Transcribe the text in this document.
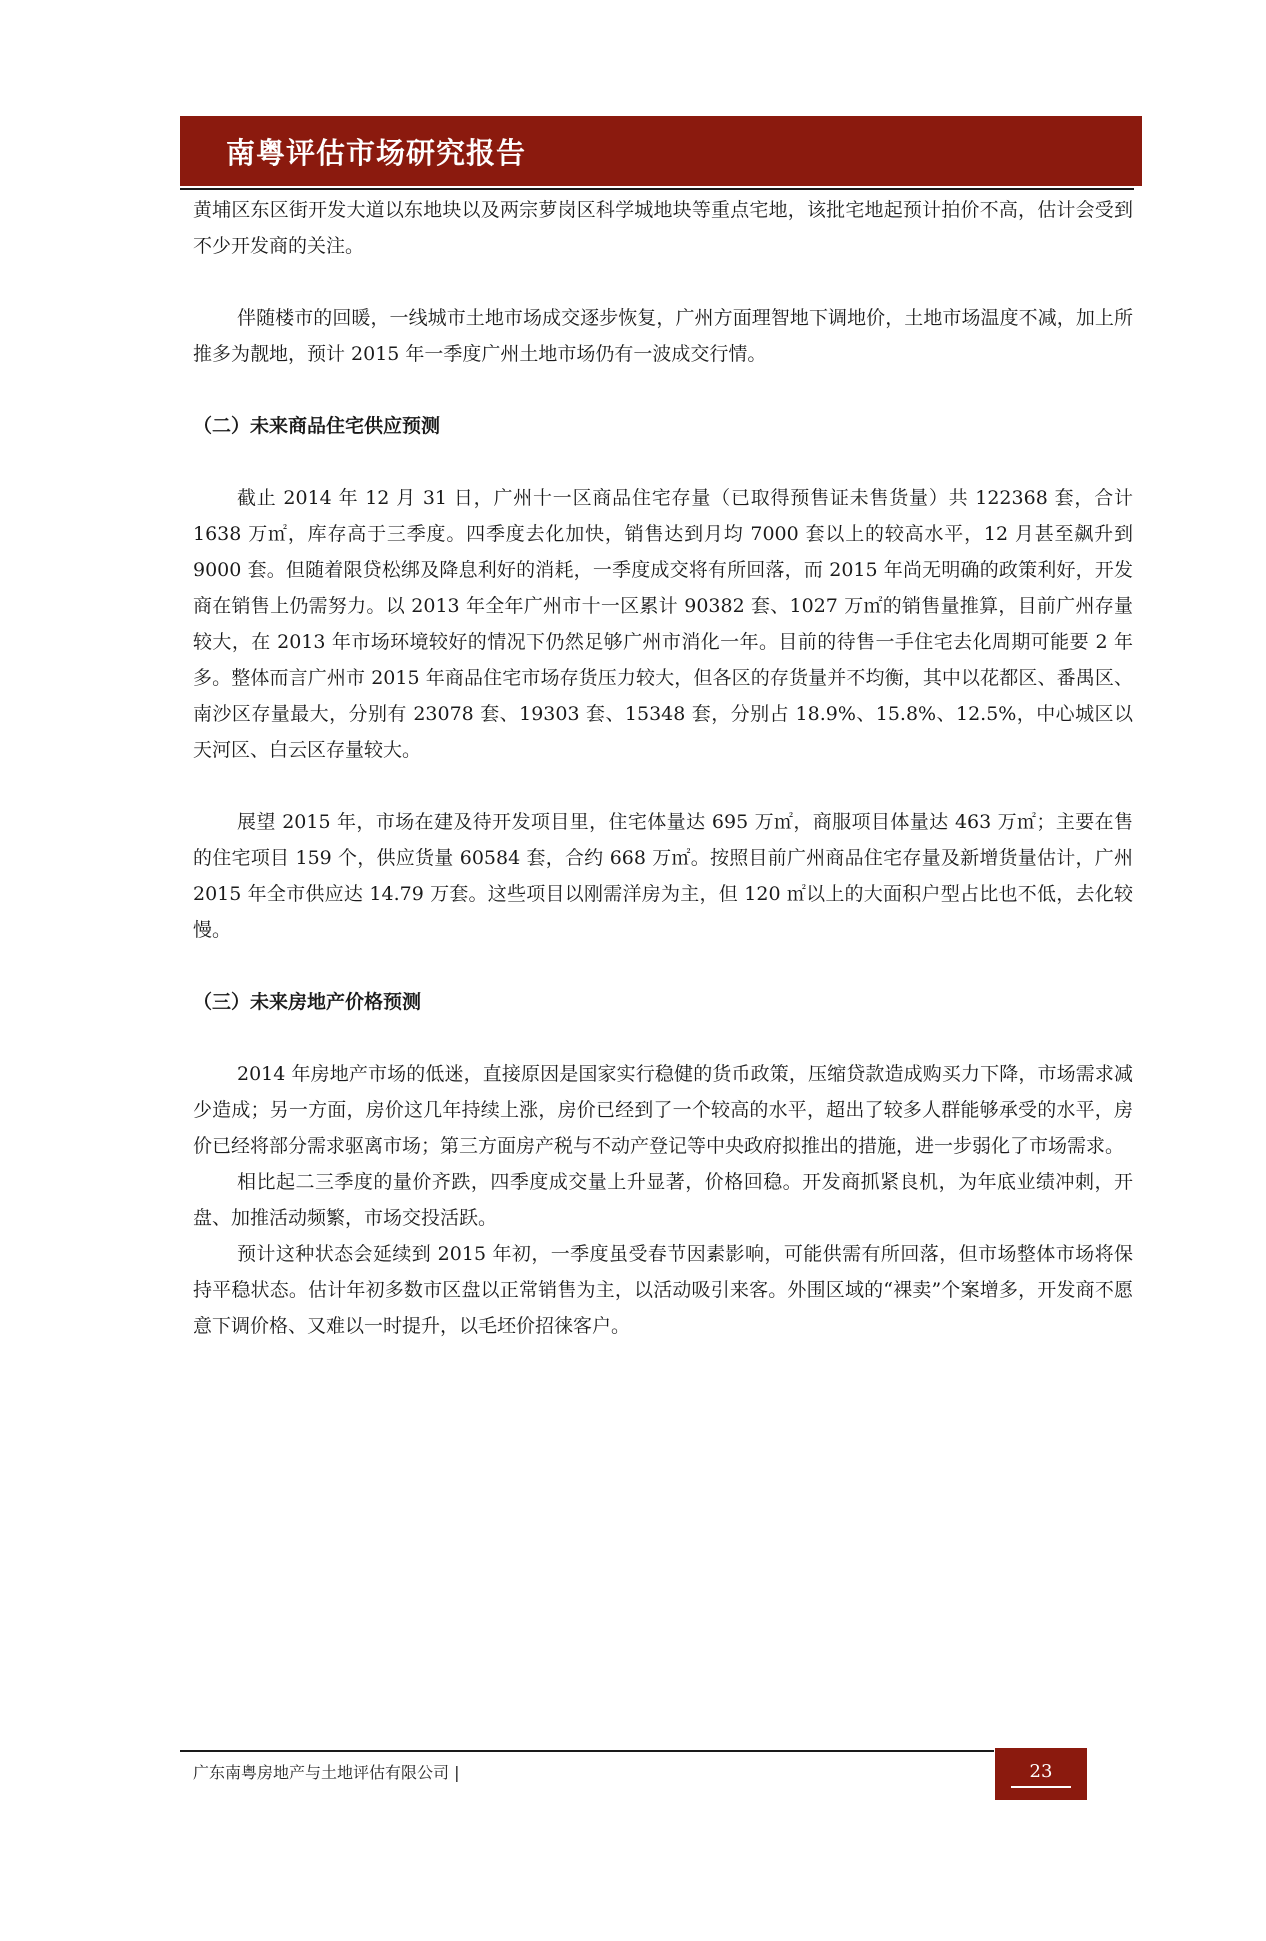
南粤评估市场研究报告

黄埔区东区街开发大道以东地块以及两宗萝岗区科学城地块等重点宅地，该批宅地起预计拍价不高，估计会受到不少开发商的关注。

伴随楼市的回暖，一线城市土地市场成交逐步恢复，广州方面理智地下调地价，土地市场温度不减，加上所推多为靓地，预计 2015 年一季度广州土地市场仍有一波成交行情。

（二）未来商品住宅供应预测

截止 2014 年 12 月 31 日，广州十一区商品住宅存量（已取得预售证未售货量）共 122368 套，合计 1638 万㎡，库存高于三季度。四季度去化加快，销售达到月均 7000 套以上的较高水平，12 月甚至飙升到 9000 套。但随着限贷松绑及降息利好的消耗，一季度成交将有所回落，而 2015 年尚无明确的政策利好，开发商在销售上仍需努力。以 2013 年全年广州市十一区累计 90382 套、1027 万㎡的销售量推算，目前广州存量较大，在 2013 年市场环境较好的情况下仍然足够广州市消化一年。目前的待售一手住宅去化周期可能要 2 年多。整体而言广州市 2015 年商品住宅市场存货压力较大，但各区的存货量并不均衡，其中以花都区、番禺区、南沙区存量最大，分别有 23078 套、19303 套、15348 套，分别占 18.9%、15.8%、12.5%，中心城区以天河区、白云区存量较大。

展望 2015 年，市场在建及待开发项目里，住宅体量达 695 万㎡，商服项目体量达 463 万㎡；主要在售的住宅项目 159 个，供应货量 60584 套，合约 668 万㎡。按照目前广州商品住宅存量及新增货量估计，广州 2015 年全市供应达 14.79 万套。这些项目以刚需洋房为主，但 120 ㎡以上的大面积户型占比也不低，去化较慢。

（三）未来房地产价格预测

2014 年房地产市场的低迷，直接原因是国家实行稳健的货币政策，压缩贷款造成购买力下降，市场需求减少造成；另一方面，房价这几年持续上涨，房价已经到了一个较高的水平，超出了较多人群能够承受的水平，房价已经将部分需求驱离市场；第三方面房产税与不动产登记等中央政府拟推出的措施，进一步弱化了市场需求。

相比起二三季度的量价齐跌，四季度成交量上升显著，价格回稳。开发商抓紧良机，为年底业绩冲刺，开盘、加推活动频繁，市场交投活跃。

预计这种状态会延续到 2015 年初，一季度虽受春节因素影响，可能供需有所回落，但市场整体市场将保持平稳状态。估计年初多数市区盘以正常销售为主，以活动吸引来客。外围区域的“裸卖”个案增多，开发商不愿意下调价格、又难以一时提升，以毛坯价招徕客户。

广东南粤房地产与土地评估有限公司 |	23
